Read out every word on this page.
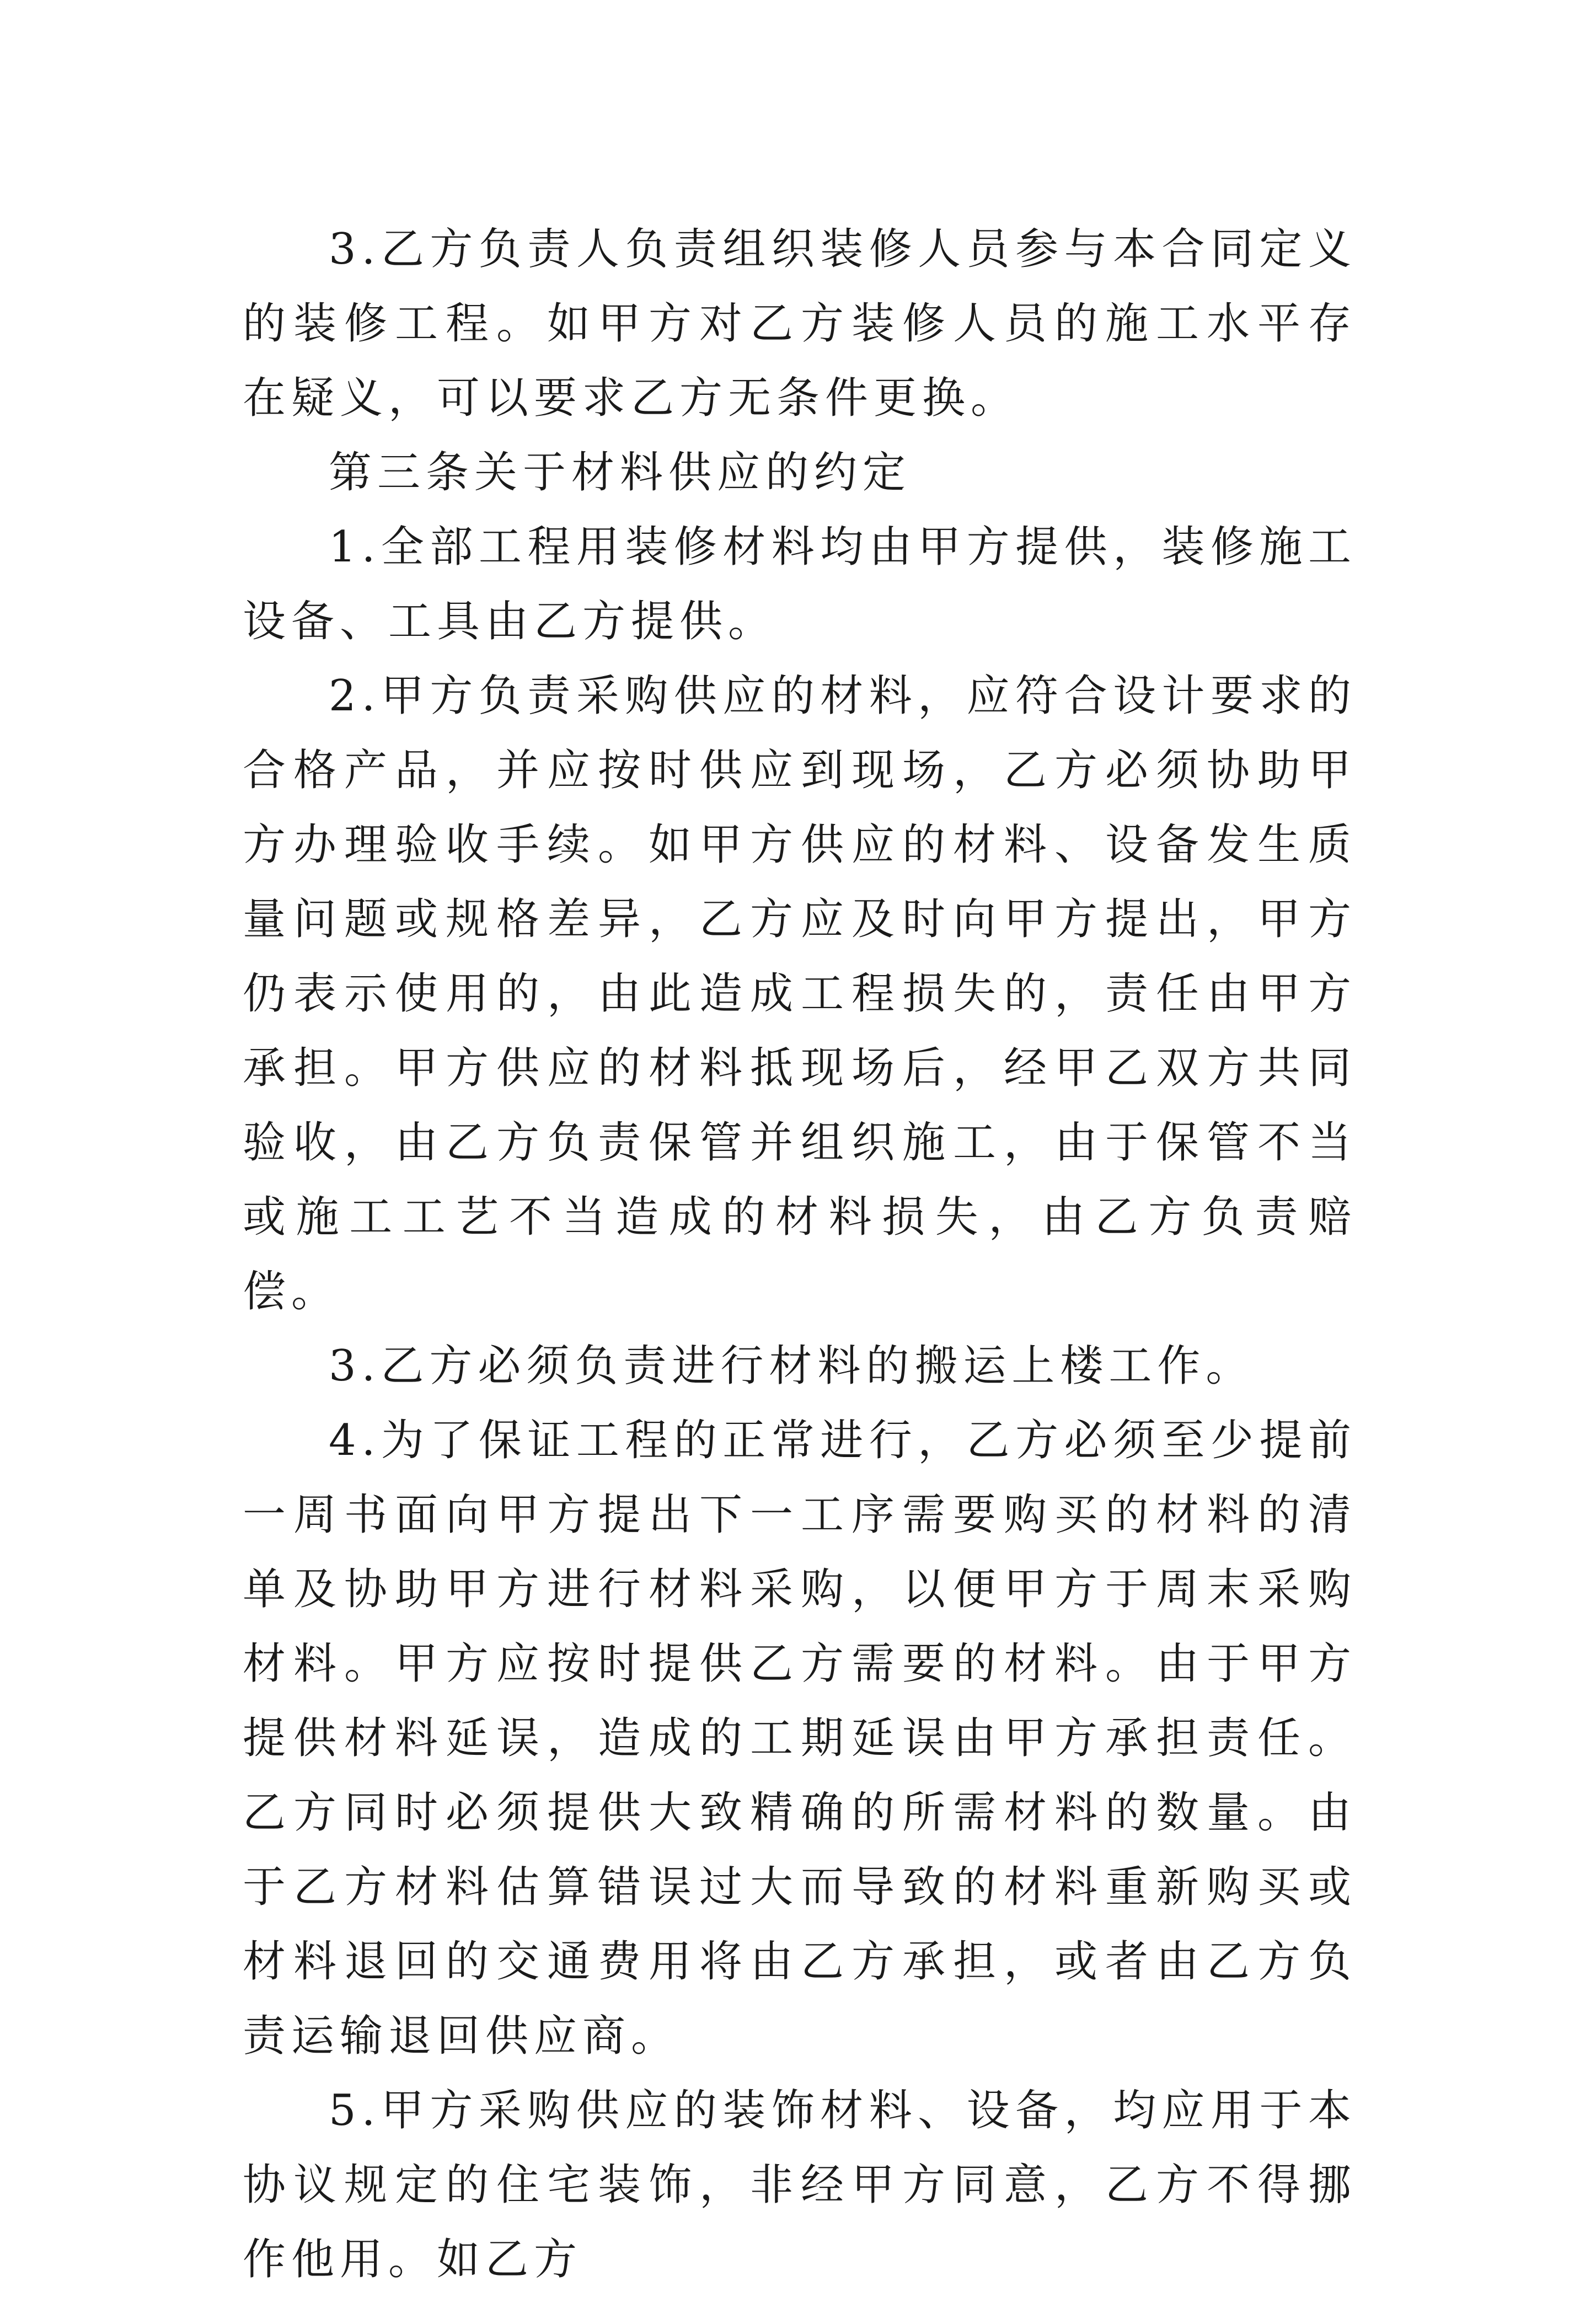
3.乙方负责人负责组织装修人员参与本合同定义的装修工程。如甲方对乙方装修人员的施工水平存在疑义，可以要求乙方无条件更换。

第三条关于材料供应的约定

1.全部工程用装修材料均由甲方提供，装修施工设备、工具由乙方提供。

2.甲方负责采购供应的材料，应符合设计要求的合格产品，并应按时供应到现场，乙方必须协助甲方办理验收手续。如甲方供应的材料、设备发生质量问题或规格差异，乙方应及时向甲方提出，甲方仍表示使用的，由此造成工程损失的，责任由甲方承担。甲方供应的材料抵现场后，经甲乙双方共同验收，由乙方负责保管并组织施工，由于保管不当或施工工艺不当造成的材料损失，由乙方负责赔偿。

3.乙方必须负责进行材料的搬运上楼工作。

4.为了保证工程的正常进行，乙方必须至少提前一周书面向甲方提出下一工序需要购买的材料的清单及协助甲方进行材料采购，以便甲方于周末采购材料。甲方应按时提供乙方需要的材料。由于甲方提供材料延误，造成的工期延误由甲方承担责任。乙方同时必须提供大致精确的所需材料的数量。由于乙方材料估算错误过大而导致的材料重新购买或材料退回的交通费用将由乙方承担，或者由乙方负责运输退回供应商。

5.甲方采购供应的装饰材料、设备，均应用于本协议规定的住宅装饰，非经甲方同意，乙方不得挪作他用。如乙方
